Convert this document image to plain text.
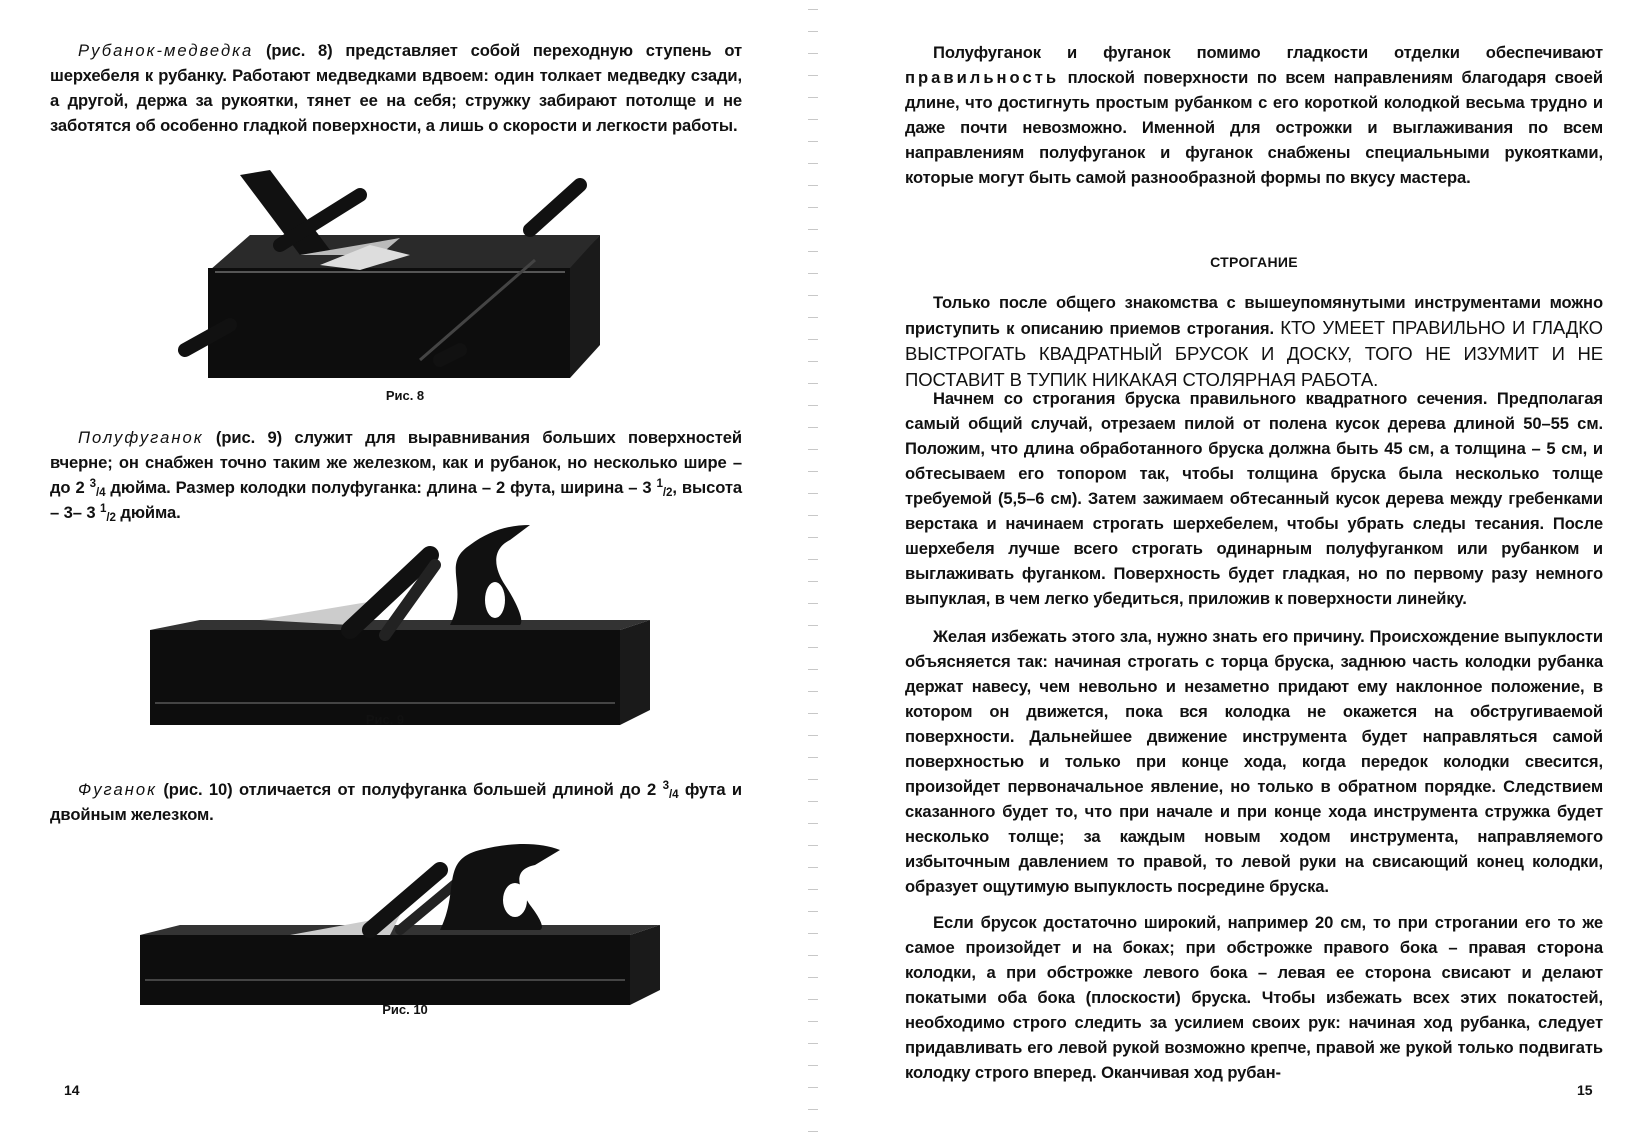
Рубанок-медведка (рис. 8) представляет собой переходную ступень от шерхебеля к рубанку. Работают медведками вдвоем: один толкает медведку сзади, а другой, держа за рукоятки, тянет ее на себя; стружку забирают потолще и не заботятся об особенно гладкой поверхности, а лишь о скорости и легкости работы.
Рис. 8
Полуфуганок (рис. 9) служит для выравнивания больших поверхностей вчерне; он снабжен точно таким же железком, как и рубанок, но несколько шире – до 2 $^3_{/4}$ дюйма. Размер колодки полуфуганка: длина – 2 фута, ширина – 3 $^1_{/2}$, высота – 3– 3 $^1_{/2}$ дюйма.
Рис. 9
Фуганок (рис. 10) отличается от полуфуганка большей длиной до 2 $^3_{/4}$ фута и двойным железком.
Рис. 10
14
Полуфуганок и фуганок помимо гладкости отделки обеспечивают правильность плоской поверхности по всем направлениям благодаря своей длине, что достигнуть простым рубанком с его короткой колодкой весьма трудно и даже почти невозможно. Именной для острожки и выглаживания по всем направлениям полуфуганок и фуганок снабжены специальными рукоятками, которые могут быть самой разнообразной формы по вкусу мастера.
СТРОГАНИЕ
Только после общего знакомства с вышеупомянутыми инструментами можно приступить к описанию приемов строгания. КТО УМЕЕТ ПРАВИЛЬНО И ГЛАДКО ВЫСТРОГАТЬ КВАДРАТНЫЙ БРУСОК И ДОСКУ, ТОГО НЕ ИЗУМИТ И НЕ ПОСТАВИТ В ТУПИК НИКАКАЯ СТОЛЯРНАЯ РАБОТА.
Начнем со строгания бруска правильного квадратного сечения. Предполагая самый общий случай, отрезаем пилой от полена кусок дерева длиной 50–55 см. Положим, что длина обработанного бруска должна быть 45 см, а толщина – 5 см, и обтесываем его топором так, чтобы толщина бруска была несколько толще требуемой (5,5–6 см). Затем зажимаем обтесанный кусок дерева между гребенками верстака и начинаем строгать шерхебелем, чтобы убрать следы тесания. После шерхебеля лучше всего строгать одинарным полуфуганком или рубанком и выглаживать фуганком. Поверхность будет гладкая, но по первому разу немного выпуклая, в чем легко убедиться, приложив к поверхности линейку.
Желая избежать этого зла, нужно знать его причину. Происхождение выпуклости объясняется так: начиная строгать с торца бруска, заднюю часть колодки рубанка держат навесу, чем невольно и незаметно придают ему наклонное положение, в котором он движется, пока вся колодка не окажется на обстругиваемой поверхности. Дальнейшее движение инструмента будет направляться самой поверхностью и только при конце хода, когда передок колодки свесится, произойдет первоначальное явление, но только в обратном порядке. Следствием сказанного будет то, что при начале и при конце хода инструмента стружка будет несколько толще; за каждым новым ходом инструмента, направляемого избыточным давлением то правой, то левой руки на свисающий конец колодки, образует ощутимую выпуклость посредине бруска.
Если брусок достаточно широкий, например 20 см, то при строгании его то же самое произойдет и на боках; при обстрожке правого бока – правая сторона колодки, а при обстрожке левого бока – левая ее сторона свисают и делают покатыми оба бока (плоскости) бруска. Чтобы избежать всех этих покатостей, необходимо строго следить за усилием своих рук: начиная ход рубанка, следует придавливать его левой рукой возможно крепче, правой же рукой только подвигать колодку строго вперед. Оканчивая ход рубан-
15
